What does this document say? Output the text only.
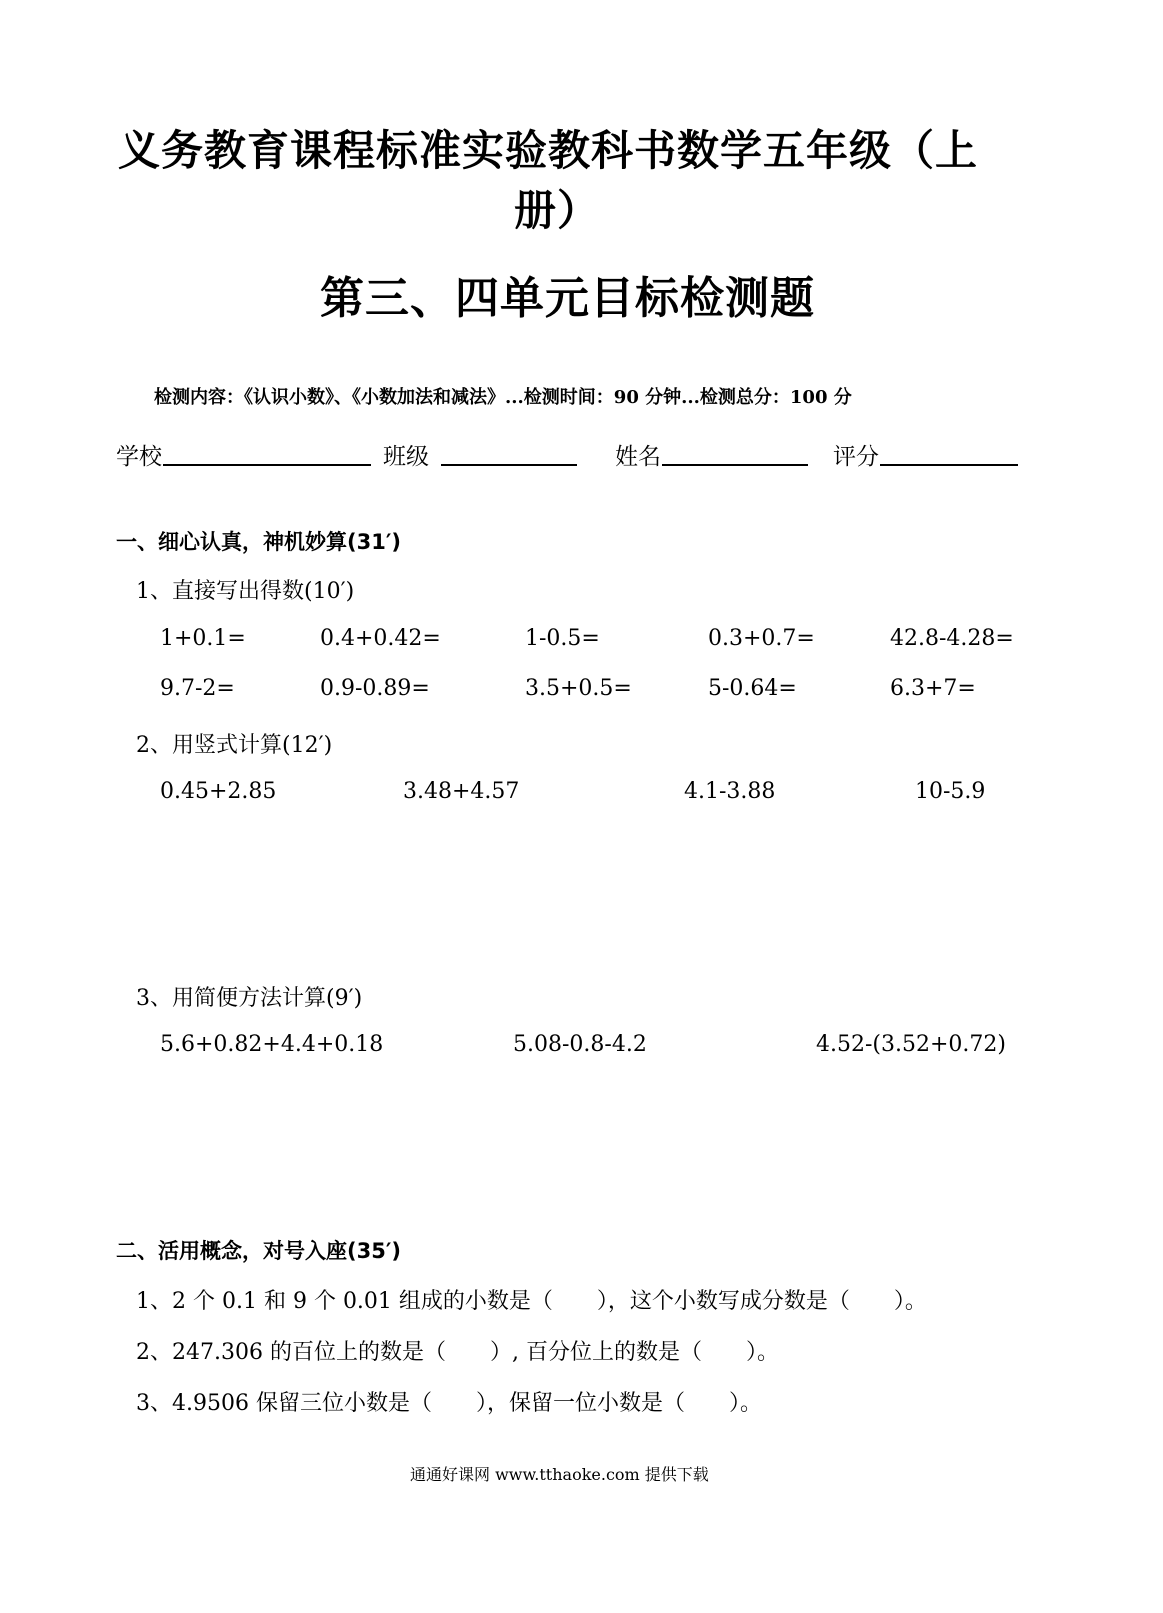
义务教育课程标准实验教科书数学五年级（上
册）
第三、四单元目标检测题
检测内容：《认识小数》、《小数加法和减法》...检测时间：90 分钟...检测总分：100 分
学校	班级	姓名	评分
一、细心认真，神机妙算(31′)
1、直接写出得数(10′)
1+0.1=	0.4+0.42=	1-0.5=	0.3+0.7=	42.8-4.28=
9.7-2=	0.9-0.89=	3.5+0.5=	5-0.64=	6.3+7=
2、用竖式计算(12′)
0.45+2.85	3.48+4.57	4.1-3.88	10-5.9
3、用简便方法计算(9′)
5.6+0.82+4.4+0.18	5.08-0.8-4.2	4.52-(3.52+0.72)
二、活用概念，对号入座(35′)
1、2 个 0.1 和 9 个 0.01 组成的小数是（　　），这个小数写成分数是（　　）。
2、247.306 的百位上的数是（　　）, 百分位上的数是（　　）。
3、4.9506 保留三位小数是（　　），保留一位小数是（　　）。
通通好课网 www.tthaoke.com 提供下载
